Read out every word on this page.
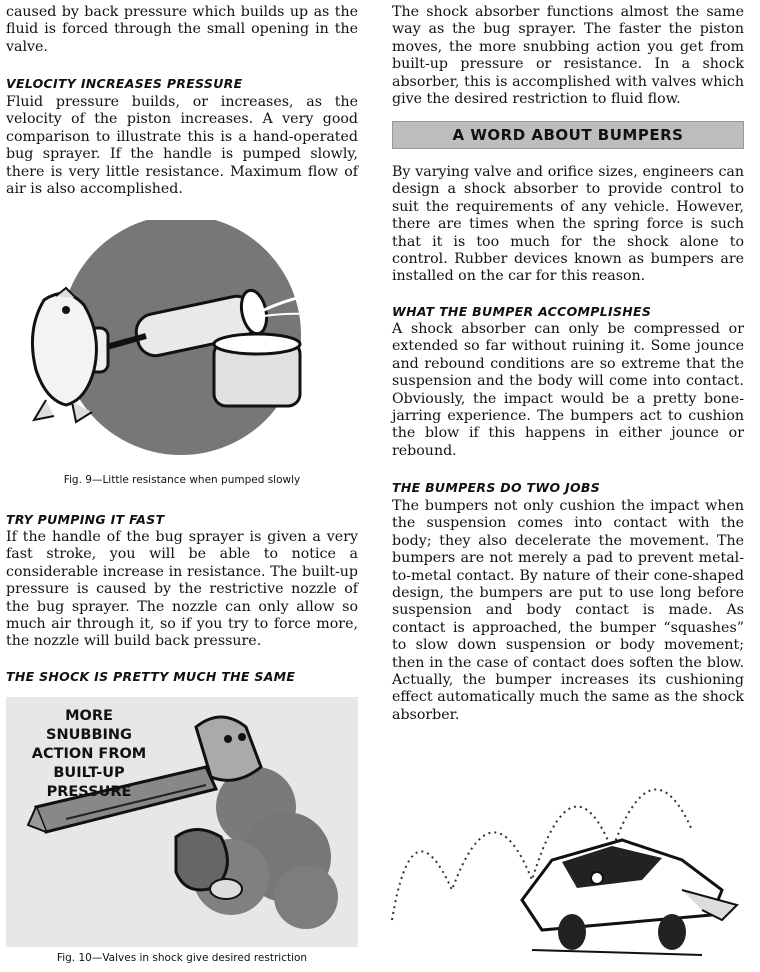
caused by back pressure which builds up as the fluid is forced through the small opening in the valve.

VELOCITY INCREASES PRESSURE

Fluid pressure builds, or increases, as the velocity of the piston increases. A very good comparison to illustrate this is a hand-operated bug sprayer. If the handle is pumped slowly, there is very little resistance. Maximum flow of air is also accomplished.

Fig. 9—Little resistance when pumped slowly
TRY PUMPING IT FAST

If the handle of the bug sprayer is given a very fast stroke, you will be able to notice a considerable increase in resistance. The built-up pressure is caused by the restrictive nozzle of the bug sprayer. The nozzle can only allow so much air through it, so if you try to force more, the nozzle will build back pressure.

THE SHOCK IS PRETTY MUCH THE SAME
MORE SNUBBING
ACTION FROM
BUILT-UP
PRESSURE
Fig. 10—Valves in shock give desired restriction

The shock absorber functions almost the same way as the bug sprayer. The faster the piston moves, the more snubbing action you get from built-up pressure or resistance. In a shock absorber, this is accomplished with valves which give the desired restriction to fluid flow.

A WORD ABOUT BUMPERS

By varying valve and orifice sizes, engineers can design a shock absorber to provide control to suit the requirements of any vehicle. However, there are times when the spring force is such that it is too much for the shock alone to control. Rubber devices known as bumpers are installed on the car for this reason.

WHAT THE BUMPER ACCOMPLISHES

A shock absorber can only be compressed or extended so far without ruining it. Some jounce and rebound conditions are so extreme that the suspension and the body will come into contact. Obviously, the impact would be a pretty bone-jarring experience. The bumpers act to cushion the blow if this happens in either jounce or rebound.

THE BUMPERS DO TWO JOBS

The bumpers not only cushion the impact when the suspension comes into contact with the body; they also decelerate the movement. The bumpers are not merely a pad to prevent metal-to-metal contact. By nature of their cone-shaped design, the bumpers are put to use long before suspension and body contact is made. As contact is approached, the bumper “squashes” to slow down suspension or body movement; then in the case of contact does soften the blow. Actually, the bumper increases its cushioning effect automatically much the same as the shock absorber.
